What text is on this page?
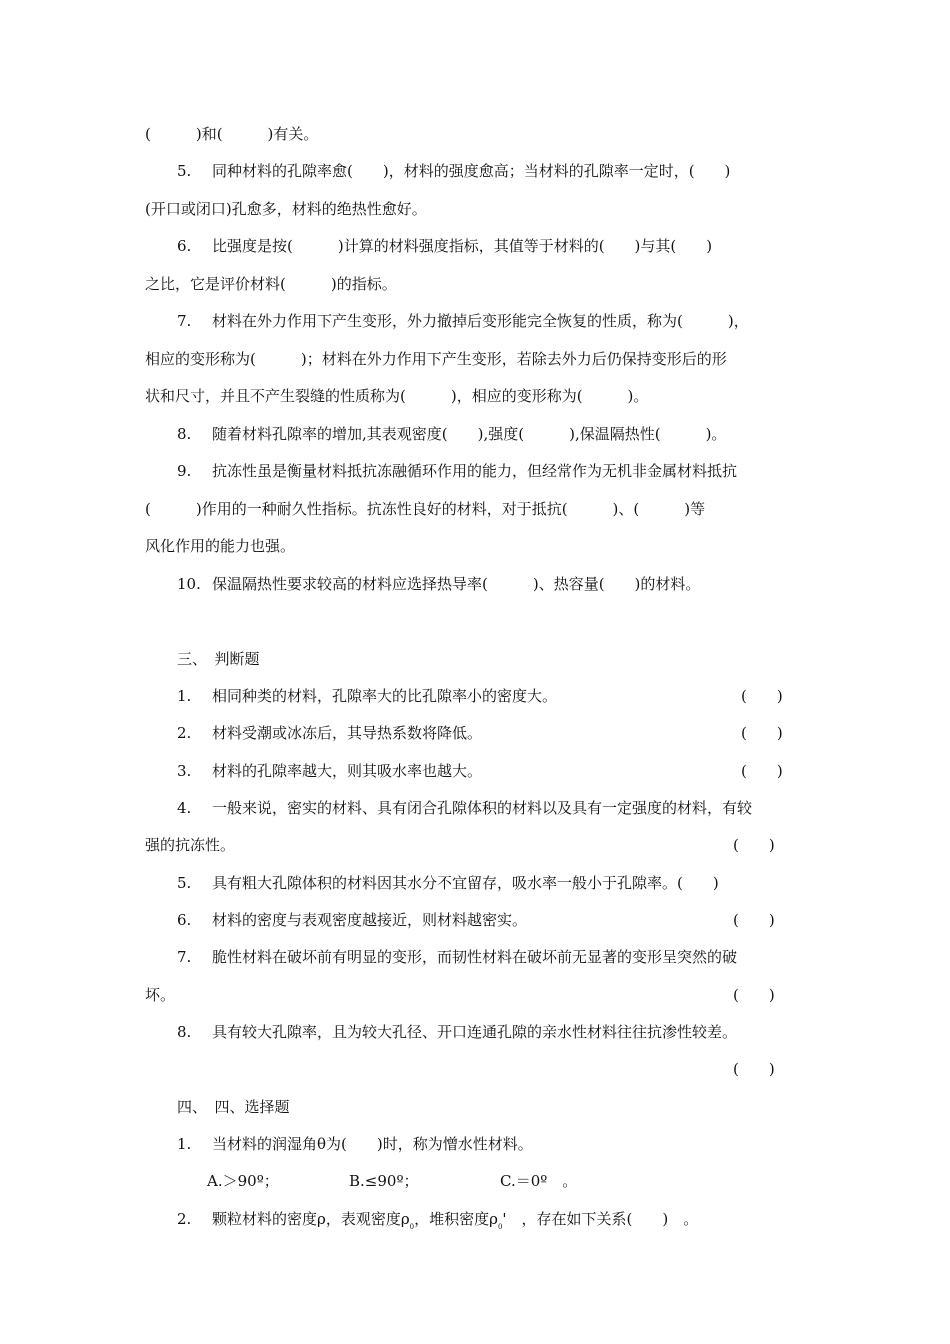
(　　　)和(　　　)有关。
5. 同种材料的孔隙率愈(　　)，材料的强度愈高；当材料的孔隙率一定时，(　　)
(开口或闭口)孔愈多，材料的绝热性愈好。
6. 比强度是按(　　　)计算的材料强度指标，其值等于材料的(　　)与其(　　)
之比，它是评价材料(　　　)的指标。
7. 材料在外力作用下产生变形，外力撤掉后变形能完全恢复的性质，称为(　　　)，
相应的变形称为(　　　)；材料在外力作用下产生变形，若除去外力后仍保持变形后的形
状和尺寸，并且不产生裂缝的性质称为(　　　)，相应的变形称为(　　　)。
8. 随着材料孔隙率的增加,其表观密度(　　),强度(　　　),保温隔热性(　　　)。
9. 抗冻性虽是衡量材料抵抗冻融循环作用的能力，但经常作为无机非金属材料抵抗
(　　　)作用的一种耐久性指标。抗冻性良好的材料，对于抵抗(　　　)、(　　　)等
风化作用的能力也强。
10. 保温隔热性要求较高的材料应选择热导率(　　　)、热容量(　　)的材料。
三、　判断题
1. 相同种类的材料，孔隙率大的比孔隙率小的密度大。	(　　)
2. 材料受潮或冰冻后，其导热系数将降低。	(　　)
3. 材料的孔隙率越大，则其吸水率也越大。	(　　)
4. 一般来说，密实的材料、具有闭合孔隙体积的材料以及具有一定强度的材料，有较
强的抗冻性。	(　　)
5. 具有粗大孔隙体积的材料因其水分不宜留存，吸水率一般小于孔隙率。(　　)
6. 材料的密度与表观密度越接近，则材料越密实。	(　　)
7. 脆性材料在破坏前有明显的变形，而韧性材料在破坏前无显著的变形呈突然的破
坏。	(　　)
8. 具有较大孔隙率，且为较大孔径、开口连通孔隙的亲水性材料往往抗渗性较差。
(　　)
四、　四、选择题
1. 当材料的润湿角θ为(　　)时，称为憎水性材料。
A.＞90º；	B.≤90º；	C.＝0º　。
2. 颗粒材料的密度ρ，表观密度$\rho_0$，堆积密度$\rho_0'$　，存在如下关系(　　)　。
